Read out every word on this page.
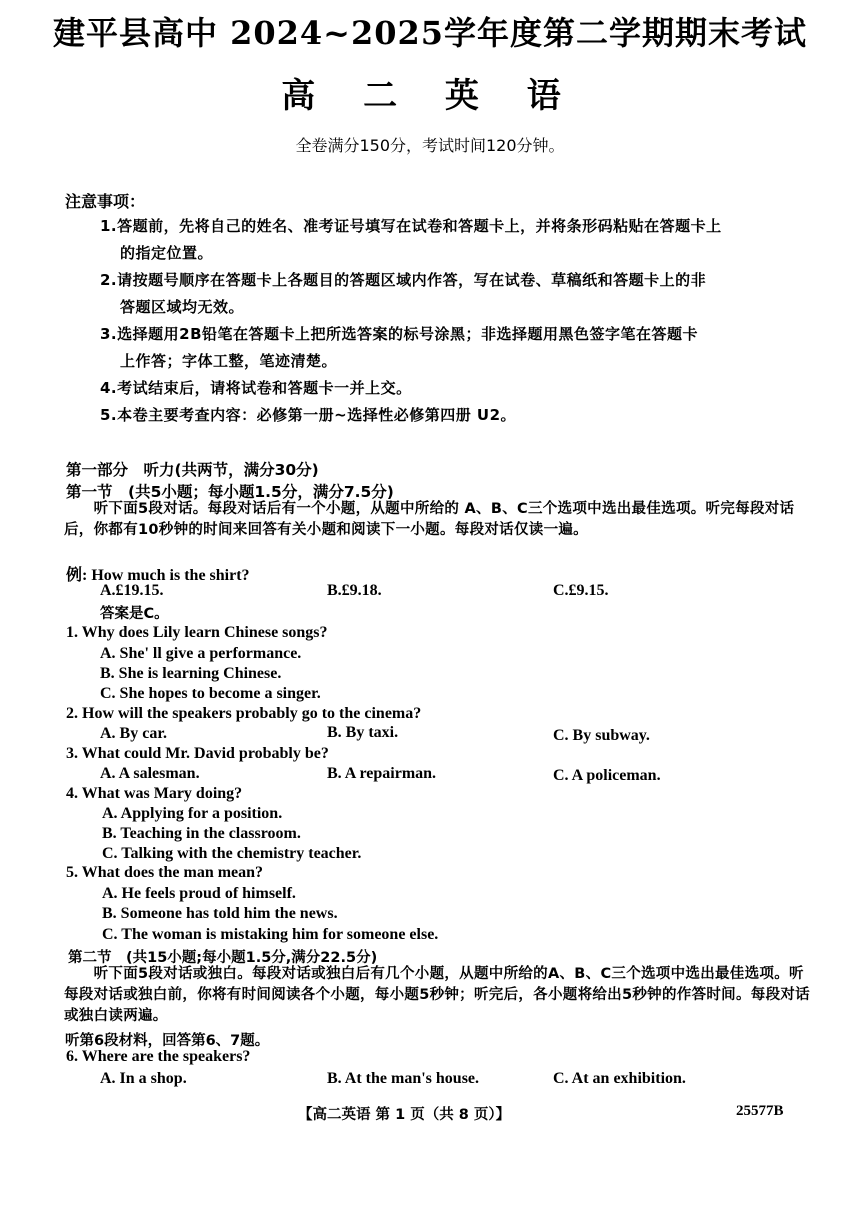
建平县高中 2024~2025学年度第二学期期末考试
高 二 英 语
全卷满分150分，考试时间120分钟。
注意事项：
1.答题前，先将自己的姓名、准考证号填写在试卷和答题卡上，并将条形码粘贴在答题卡上
的指定位置。
2.请按题号顺序在答题卡上各题目的答题区域内作答，写在试卷、草稿纸和答题卡上的非
答题区域均无效。
3.选择题用2B铅笔在答题卡上把所选答案的标号涂黑；非选择题用黑色签字笔在答题卡
上作答；字体工整，笔迹清楚。
4.考试结束后，请将试卷和答题卡一并上交。
5.本卷主要考查内容：必修第一册~选择性必修第四册 U2。
第一部分　听力(共两节，满分30分)
第一节　(共5小题；每小题1.5分，满分7.5分)
　　听下面5段对话。每段对话后有一个小题，从题中所给的 A、B、C三个选项中选出最佳选项。听完每段对话后，你都有10秒钟的时间来回答有关小题和阅读下一小题。每段对话仅读一遍。
例: How much is the shirt?
A.£19.15.	B.£9.18.	C.£9.15.
答案是C。
1. Why does Lily learn Chinese songs?
A. She' ll give a performance.
B. She is learning Chinese.
C. She hopes to become a singer.
2. How will the speakers probably go to the cinema?
A. By car.	B. By taxi.	C. By subway.
3. What could Mr. David probably be?
A. A salesman.	B. A repairman.	C. A policeman.
4. What was Mary doing?
A. Applying for a position.
B. Teaching in the classroom.
C. Talking with the chemistry teacher.
5. What does the man mean?
A. He feels proud of himself.
B. Someone has told him the news.
C. The woman is mistaking him for someone else.
第二节　(共15小题;每小题1.5分,满分22.5分)
　　听下面5段对话或独白。每段对话或独白后有几个小题，从题中所给的A、B、C三个选项中选出最佳选项。听每段对话或独白前，你将有时间阅读各个小题，每小题5秒钟；听完后，各小题将给出5秒钟的作答时间。每段对话或独白读两遍。
听第6段材料，回答第6、7题。
6. Where are the speakers?
A. In a shop.	B. At the man's house.	C. At an exhibition.
【高二英语 第 1 页（共 8 页）】	25577B
